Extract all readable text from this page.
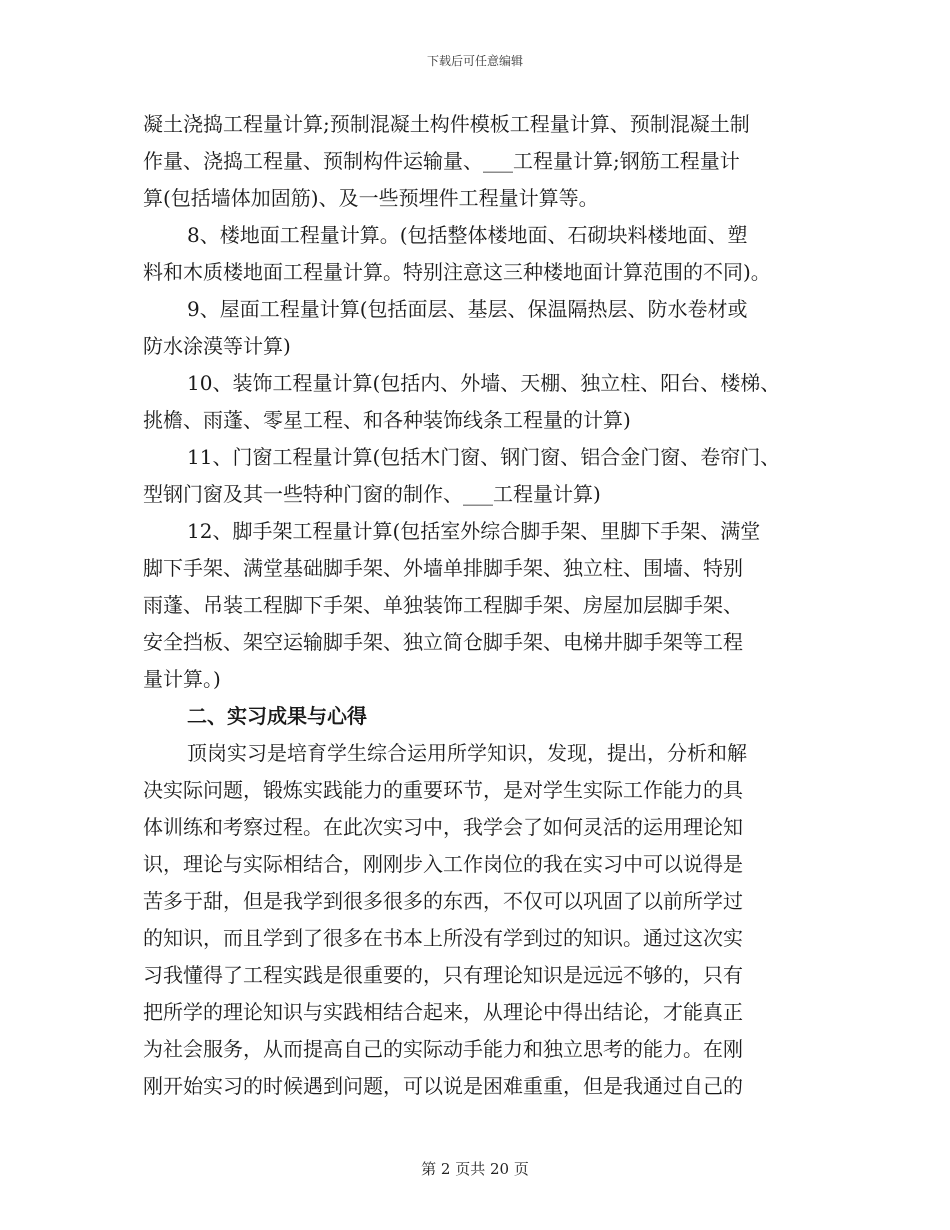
下载后可任意编辑
凝土浇捣工程量计算;预制混凝土构件模板工程量计算、预制混凝土制
作量、浇捣工程量、预制构件运输量、___工程量计算;钢筋工程量计
算(包括墙体加固筋)、及一些预埋件工程量计算等。
8、楼地面工程量计算。(包括整体楼地面、石砌块料楼地面、塑
料和木质楼地面工程量计算。特别注意这三种楼地面计算范围的不同)。
9、屋面工程量计算(包括面层、基层、保温隔热层、防水卷材或
防水涂漠等计算)
10、装饰工程量计算(包括内、外墙、天棚、独立柱、阳台、楼梯、
挑檐、雨蓬、零星工程、和各种装饰线条工程量的计算)
11、门窗工程量计算(包括木门窗、钢门窗、铝合金门窗、卷帘门、
型钢门窗及其一些特种门窗的制作、___工程量计算)
12、脚手架工程量计算(包括室外综合脚手架、里脚下手架、满堂
脚下手架、满堂基础脚手架、外墙单排脚手架、独立柱、围墙、特别
雨蓬、吊装工程脚下手架、单独装饰工程脚手架、房屋加层脚手架、
安全挡板、架空运输脚手架、独立简仓脚手架、电梯井脚手架等工程
量计算。)
二、实习成果与心得
顶岗实习是培育学生综合运用所学知识，发现，提出，分析和解
决实际问题，锻炼实践能力的重要环节，是对学生实际工作能力的具
体训练和考察过程。在此次实习中，我学会了如何灵活的运用理论知
识，理论与实际相结合，刚刚步入工作岗位的我在实习中可以说得是
苦多于甜，但是我学到很多很多的东西，不仅可以巩固了以前所学过
的知识，而且学到了很多在书本上所没有学到过的知识。通过这次实
习我懂得了工程实践是很重要的，只有理论知识是远远不够的，只有
把所学的理论知识与实践相结合起来，从理论中得出结论，才能真正
为社会服务，从而提高自己的实际动手能力和独立思考的能力。在刚
刚开始实习的时候遇到问题，可以说是困难重重，但是我通过自己的
第 2 页共 20 页
